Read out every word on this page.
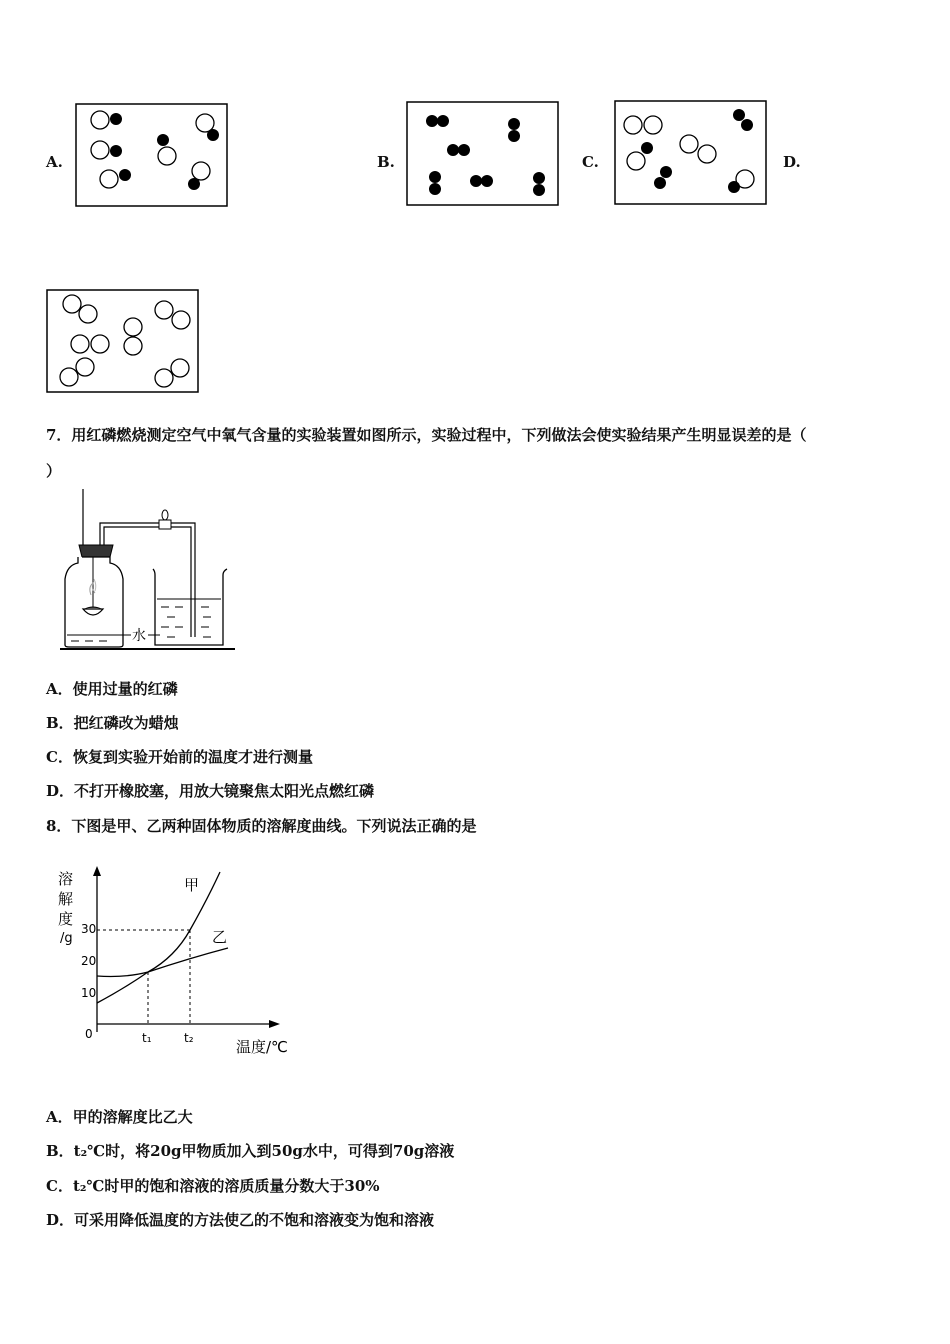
A.	B.	C.	D.
7．用红磷燃烧测定空气中氧气含量的实验装置如图所示，实验过程中，下列做法会使实验结果产生明显误差的是（
）
水
A．使用过量的红磷
B．把红磷改为蜡烛
C．恢复到实验开始前的温度才进行测量
D．不打开橡胶塞，用放大镜聚焦太阳光点燃红磷
8．下图是甲、乙两种固体物质的溶解度曲线。下列说法正确的是
溶
解
度
/g
10
20
30
0	t₁	t₂	温度/℃
甲
乙
A．甲的溶解度比乙大
B．t₂℃时，将20g甲物质加入到50g水中，可得到70g溶液
C．t₂℃时甲的饱和溶液的溶质质量分数大于30%
D．可采用降低温度的方法使乙的不饱和溶液变为饱和溶液
